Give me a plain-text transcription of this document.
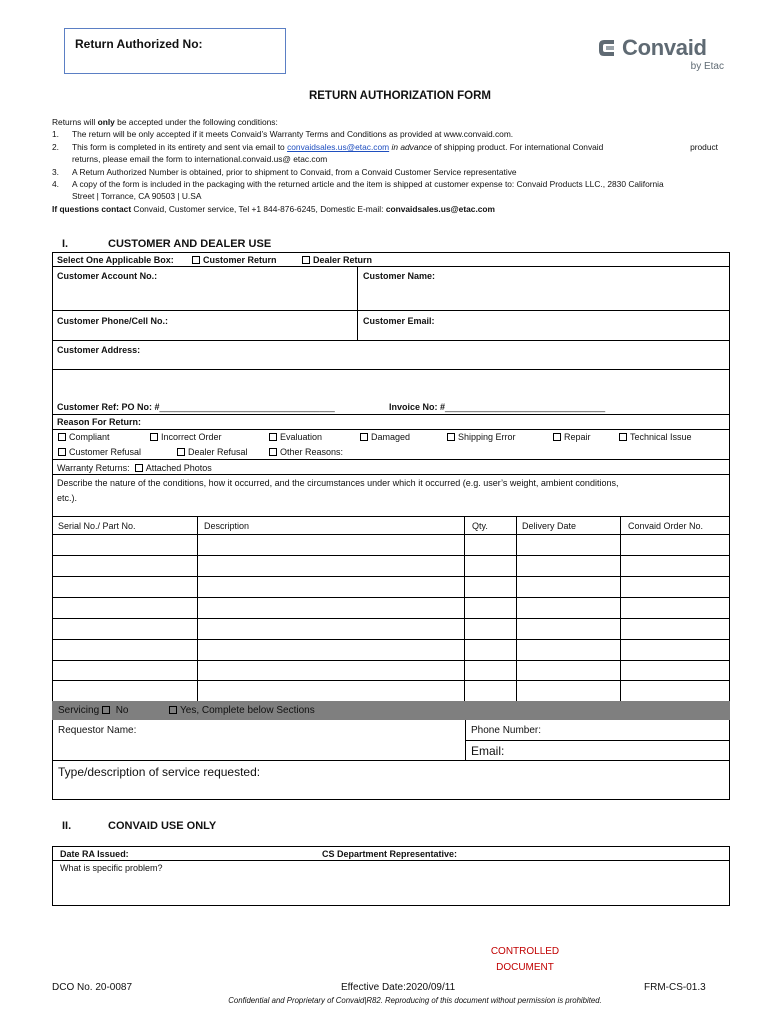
Return Authorized No:	Convaid
by Etac
RETURN AUTHORIZATION FORM
Returns will only be accepted under the following conditions:
1.	The return will be only accepted if it meets Convaid’s Warranty Terms and Conditions as provided at www.convaid.com.
2.	This form is completed in its entirety and sent via email to convaidsales.us@etac.com in advance of shipping product. For international Convaid	product
returns, please email the form to international.convaid.us@ etac.com
3.	A Return Authorized Number is obtained, prior to shipment to Convaid, from a Convaid Customer Service representative
4.	A copy of the form is included in the packaging with the returned article and the item is shipped at customer expense to: Convaid Products LLC., 2830 California
Street | Torrance, CA 90503 | U.SA
If questions contact Convaid, Customer service, Tel +1 844-876-6245, Domestic E-mail: convaidsales.us@etac.com
I.	CUSTOMER AND DEALER USE
Select One Applicable Box:	Customer Return	Dealer Return
Customer Account No.:	Customer Name:
Customer Phone/Cell No.:	Customer Email:
Customer Address:
Customer Ref: PO No: #___________________________________	Invoice No: #________________________________
Reason For Return:
Compliant	Incorrect Order	Evaluation	Damaged	Shipping Error	Repair	Technical Issue
Customer Refusal	Dealer Refusal	Other Reasons:
Warranty Returns: Attached Photos
Describe the nature of the conditions, how it occurred, and the circumstances under which it occurred (e.g. user’s weight, ambient conditions,
etc.).
Serial No./ Part No.	Description	Qty.	Delivery Date	Convaid Order No.
Servicing No	Yes, Complete below Sections
Requestor Name:	Phone Number:
Email:
Type/description of service requested:
II.	CONVAID USE ONLY
Date RA Issued:	CS Department Representative:
What is specific problem?
CONTROLLED
DOCUMENT
DCO No. 20-0087	Effective Date:2020/09/11	FRM-CS-01.3
Confidential and Proprietary of Convaid|R82. Reproducing of this document without permission is prohibited.
